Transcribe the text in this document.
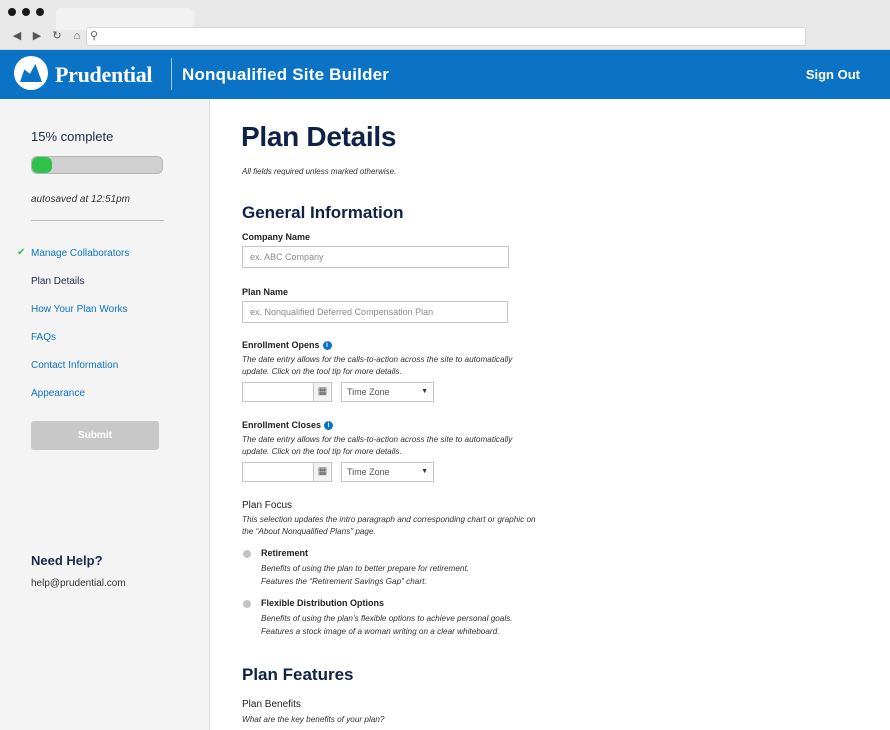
◀ ▶ ↻	⌂ ⚲
Prudential Nonqualified Site Builder	Sign Out
15% complete
autosaved at 12:51pm
✔ Manage Collaborators
Plan Details
How Your Plan Works
FAQs
Contact Information
Appearance
Submit
Need Help?
help@prudential.com
Plan Details
All fields required unless marked otherwise.
General Information
Company Name
ex. ABC Company
Plan Name
ex. Nonqualified Deferred Compensation Plan
Enrollment Opens i
The date entry allows for the calls-to-action across the site to automatically
update. Click on the tool tip for more details.
▦	Time Zone	▼
Enrollment Closes i
The date entry allows for the calls-to-action across the site to automatically
update. Click on the tool tip for more details.
▦	Time Zone	▼
Plan Focus
This selection updates the intro paragraph and corresponding chart or graphic on
the “About Nonqualified Plans” page.
Retirement
Benefits of using the plan to better prepare for retirement.
Features the “Retirement Savings Gap” chart.
Flexible Distribution Options
Benefits of using the plan’s flexible options to achieve personal goals.
Features a stock image of a woman writing on a clear whiteboard.
Plan Features
Plan Benefits
What are the key benefits of your plan?
